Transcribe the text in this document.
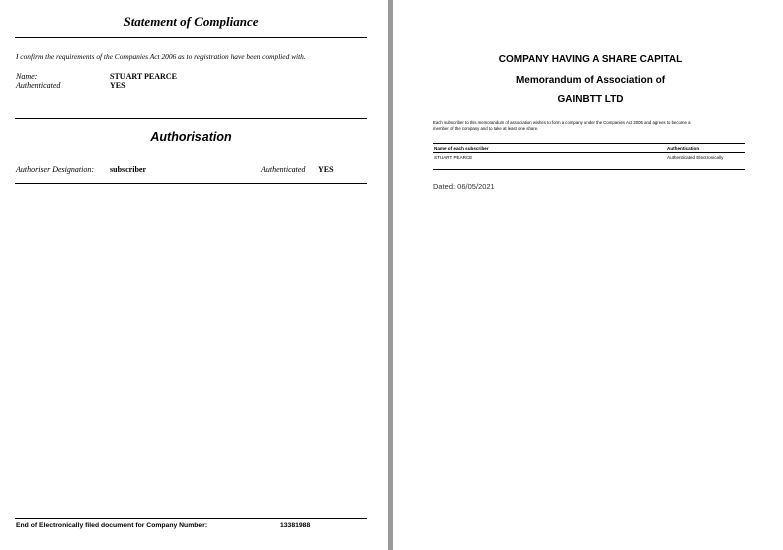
Statement of Compliance
I confirm the requirements of the Companies Act 2006 as to registration have been complied with.
Name:	STUART PEARCE
Authenticated	YES
Authorisation
Authoriser Designation: subscriber	Authenticated YES
End of Electronically filed document for Company Number:	13381988
COMPANY HAVING A SHARE CAPITAL
Memorandum of Association of
GAINBTT LTD
Each subscriber to this memorandum of association wishes to form a company under the Companies Act 2006 and agrees to become a
member of the company and to take at least one share.
Name of each subscriber	Authentication
STUART PEARCE	Authenticated Electronically
Dated: 06/05/2021
